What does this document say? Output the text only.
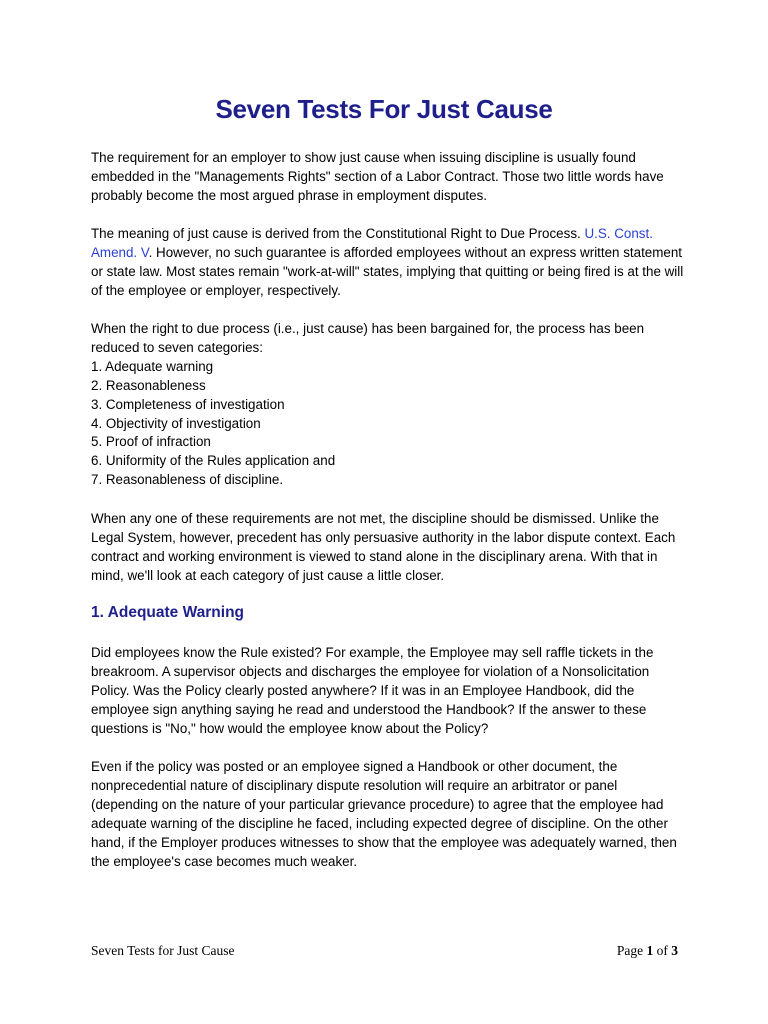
Seven Tests For Just Cause

The requirement for an employer to show just cause when issuing discipline is usually found embedded in the "Managements Rights" section of a Labor Contract. Those two little words have probably become the most argued phrase in employment disputes.

The meaning of just cause is derived from the Constitutional Right to Due Process. U.S. Const. Amend. V. However, no such guarantee is afforded employees without an express written statement or state law. Most states remain "work-at-will" states, implying that quitting or being fired is at the will of the employee or employer, respectively.

When the right to due process (i.e., just cause) has been bargained for, the process has been reduced to seven categories:

1. Adequate warning
2. Reasonableness
3. Completeness of investigation
4. Objectivity of investigation
5. Proof of infraction
6. Uniformity of the Rules application and
7. Reasonableness of discipline.

When any one of these requirements are not met, the discipline should be dismissed. Unlike the Legal System, however, precedent has only persuasive authority in the labor dispute context. Each contract and working environment is viewed to stand alone in the disciplinary arena. With that in mind, we'll look at each category of just cause a little closer.

1. Adequate Warning

Did employees know the Rule existed? For example, the Employee may sell raffle tickets in the breakroom. A supervisor objects and discharges the employee for violation of a Nonsolicitation Policy. Was the Policy clearly posted anywhere? If it was in an Employee Handbook, did the employee sign anything saying he read and understood the Handbook? If the answer to these questions is "No," how would the employee know about the Policy?

Even if the policy was posted or an employee signed a Handbook or other document, the nonprecedential nature of disciplinary dispute resolution will require an arbitrator or panel (depending on the nature of your particular grievance procedure) to agree that the employee had adequate warning of the discipline he faced, including expected degree of discipline. On the other hand, if the Employer produces witnesses to show that the employee was adequately warned, then the employee's case becomes much weaker.

Seven Tests for Just Cause	Page 1 of 3
